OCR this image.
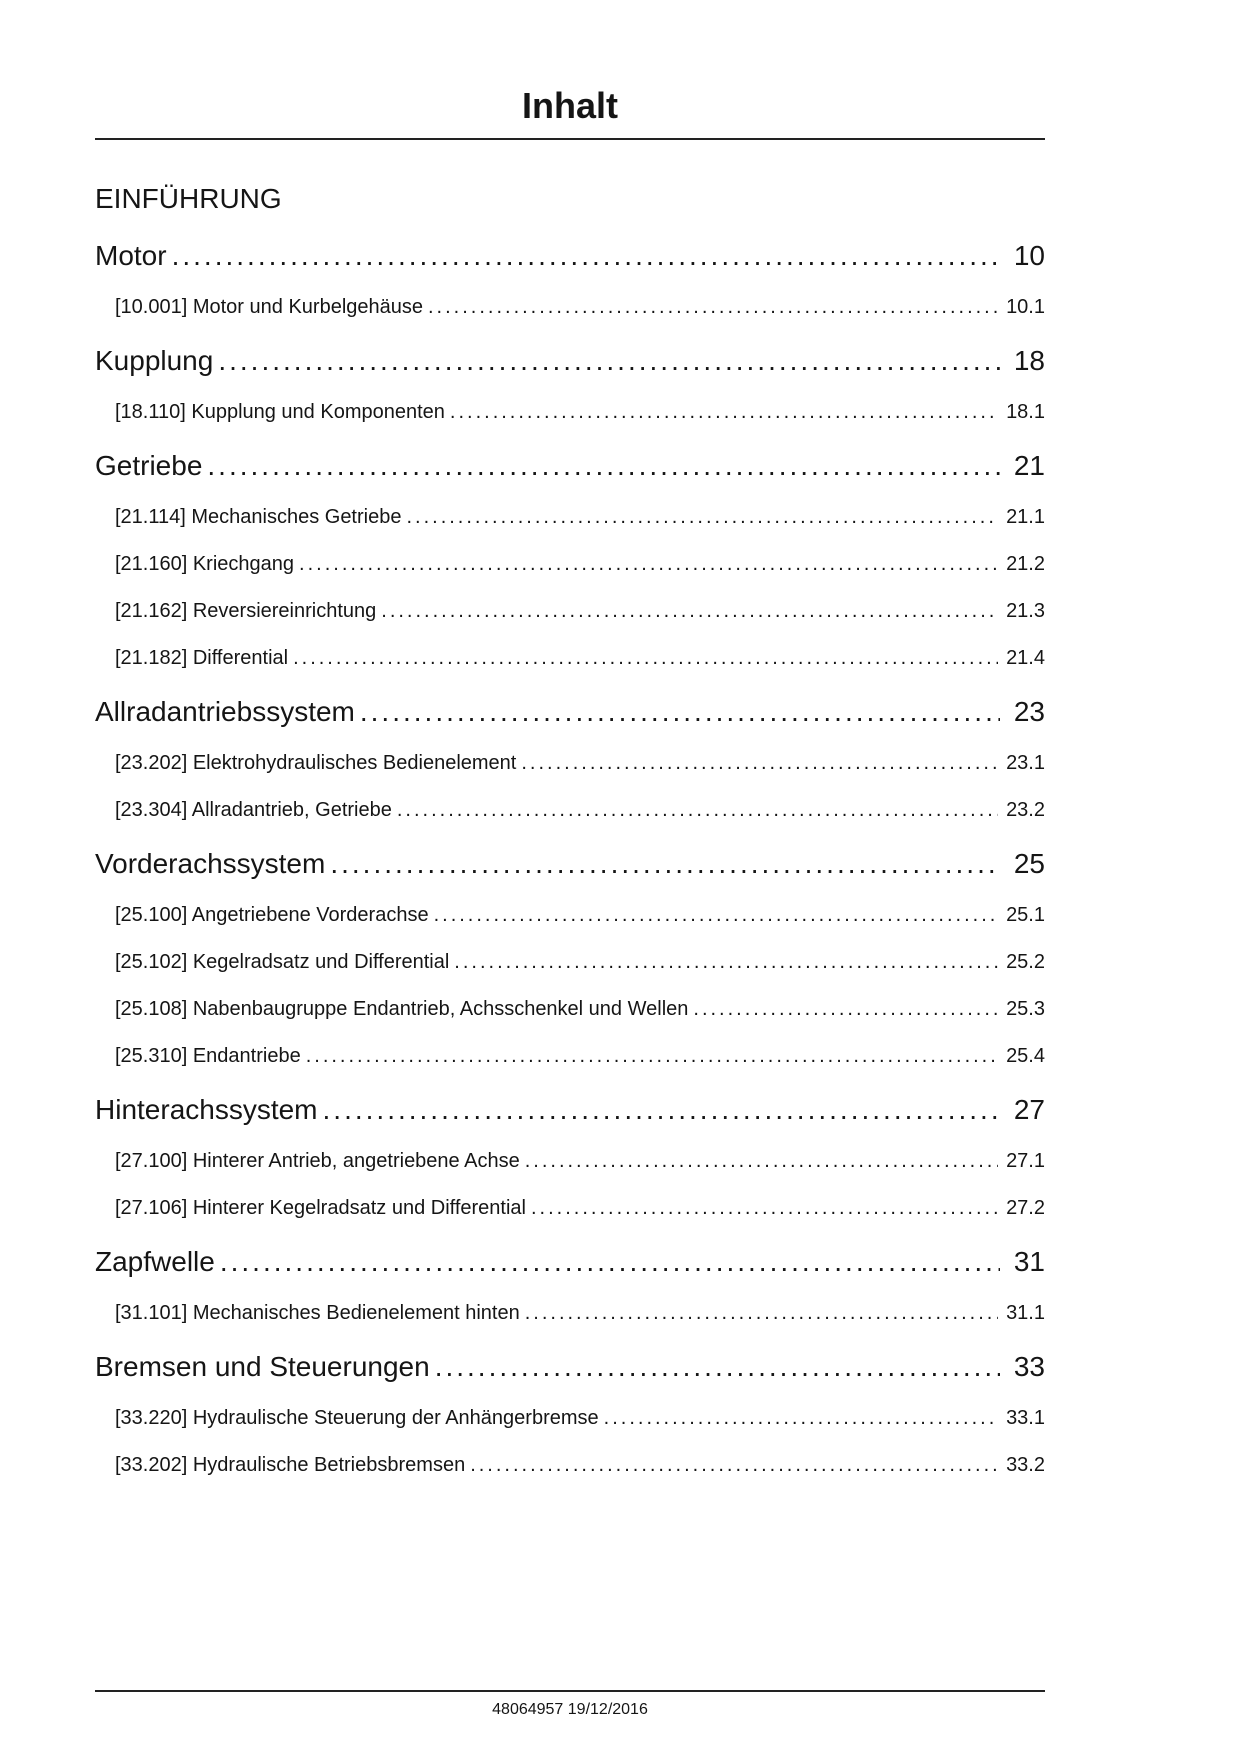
Inhalt
EINFÜHRUNG
Motor .....	10
[10.001] Motor und Kurbelgehäuse .....	10.1
Kupplung .....	18
[18.110] Kupplung und Komponenten .....	18.1
Getriebe .....	21
[21.114] Mechanisches Getriebe .....	21.1
[21.160] Kriechgang .....	21.2
[21.162] Reversiereinrichtung .....	21.3
[21.182] Differential .....	21.4
Allradantriebssystem .....	23
[23.202] Elektrohydraulisches Bedienelement .....	23.1
[23.304] Allradantrieb, Getriebe .....	23.2
Vorderachssystem .....	25
[25.100] Angetriebene Vorderachse .....	25.1
[25.102] Kegelradsatz und Differential .....	25.2
[25.108] Nabenbaugruppe Endantrieb, Achsschenkel und Wellen .....	25.3
[25.310] Endantriebe .....	25.4
Hinterachssystem .....	27
[27.100] Hinterer Antrieb, angetriebene Achse .....	27.1
[27.106] Hinterer Kegelradsatz und Differential .....	27.2
Zapfwelle .....	31
[31.101] Mechanisches Bedienelement hinten .....	31.1
Bremsen und Steuerungen .....	33
[33.220] Hydraulische Steuerung der Anhängerbremse .....	33.1
[33.202] Hydraulische Betriebsbremsen .....	33.2
48064957 19/12/2016
